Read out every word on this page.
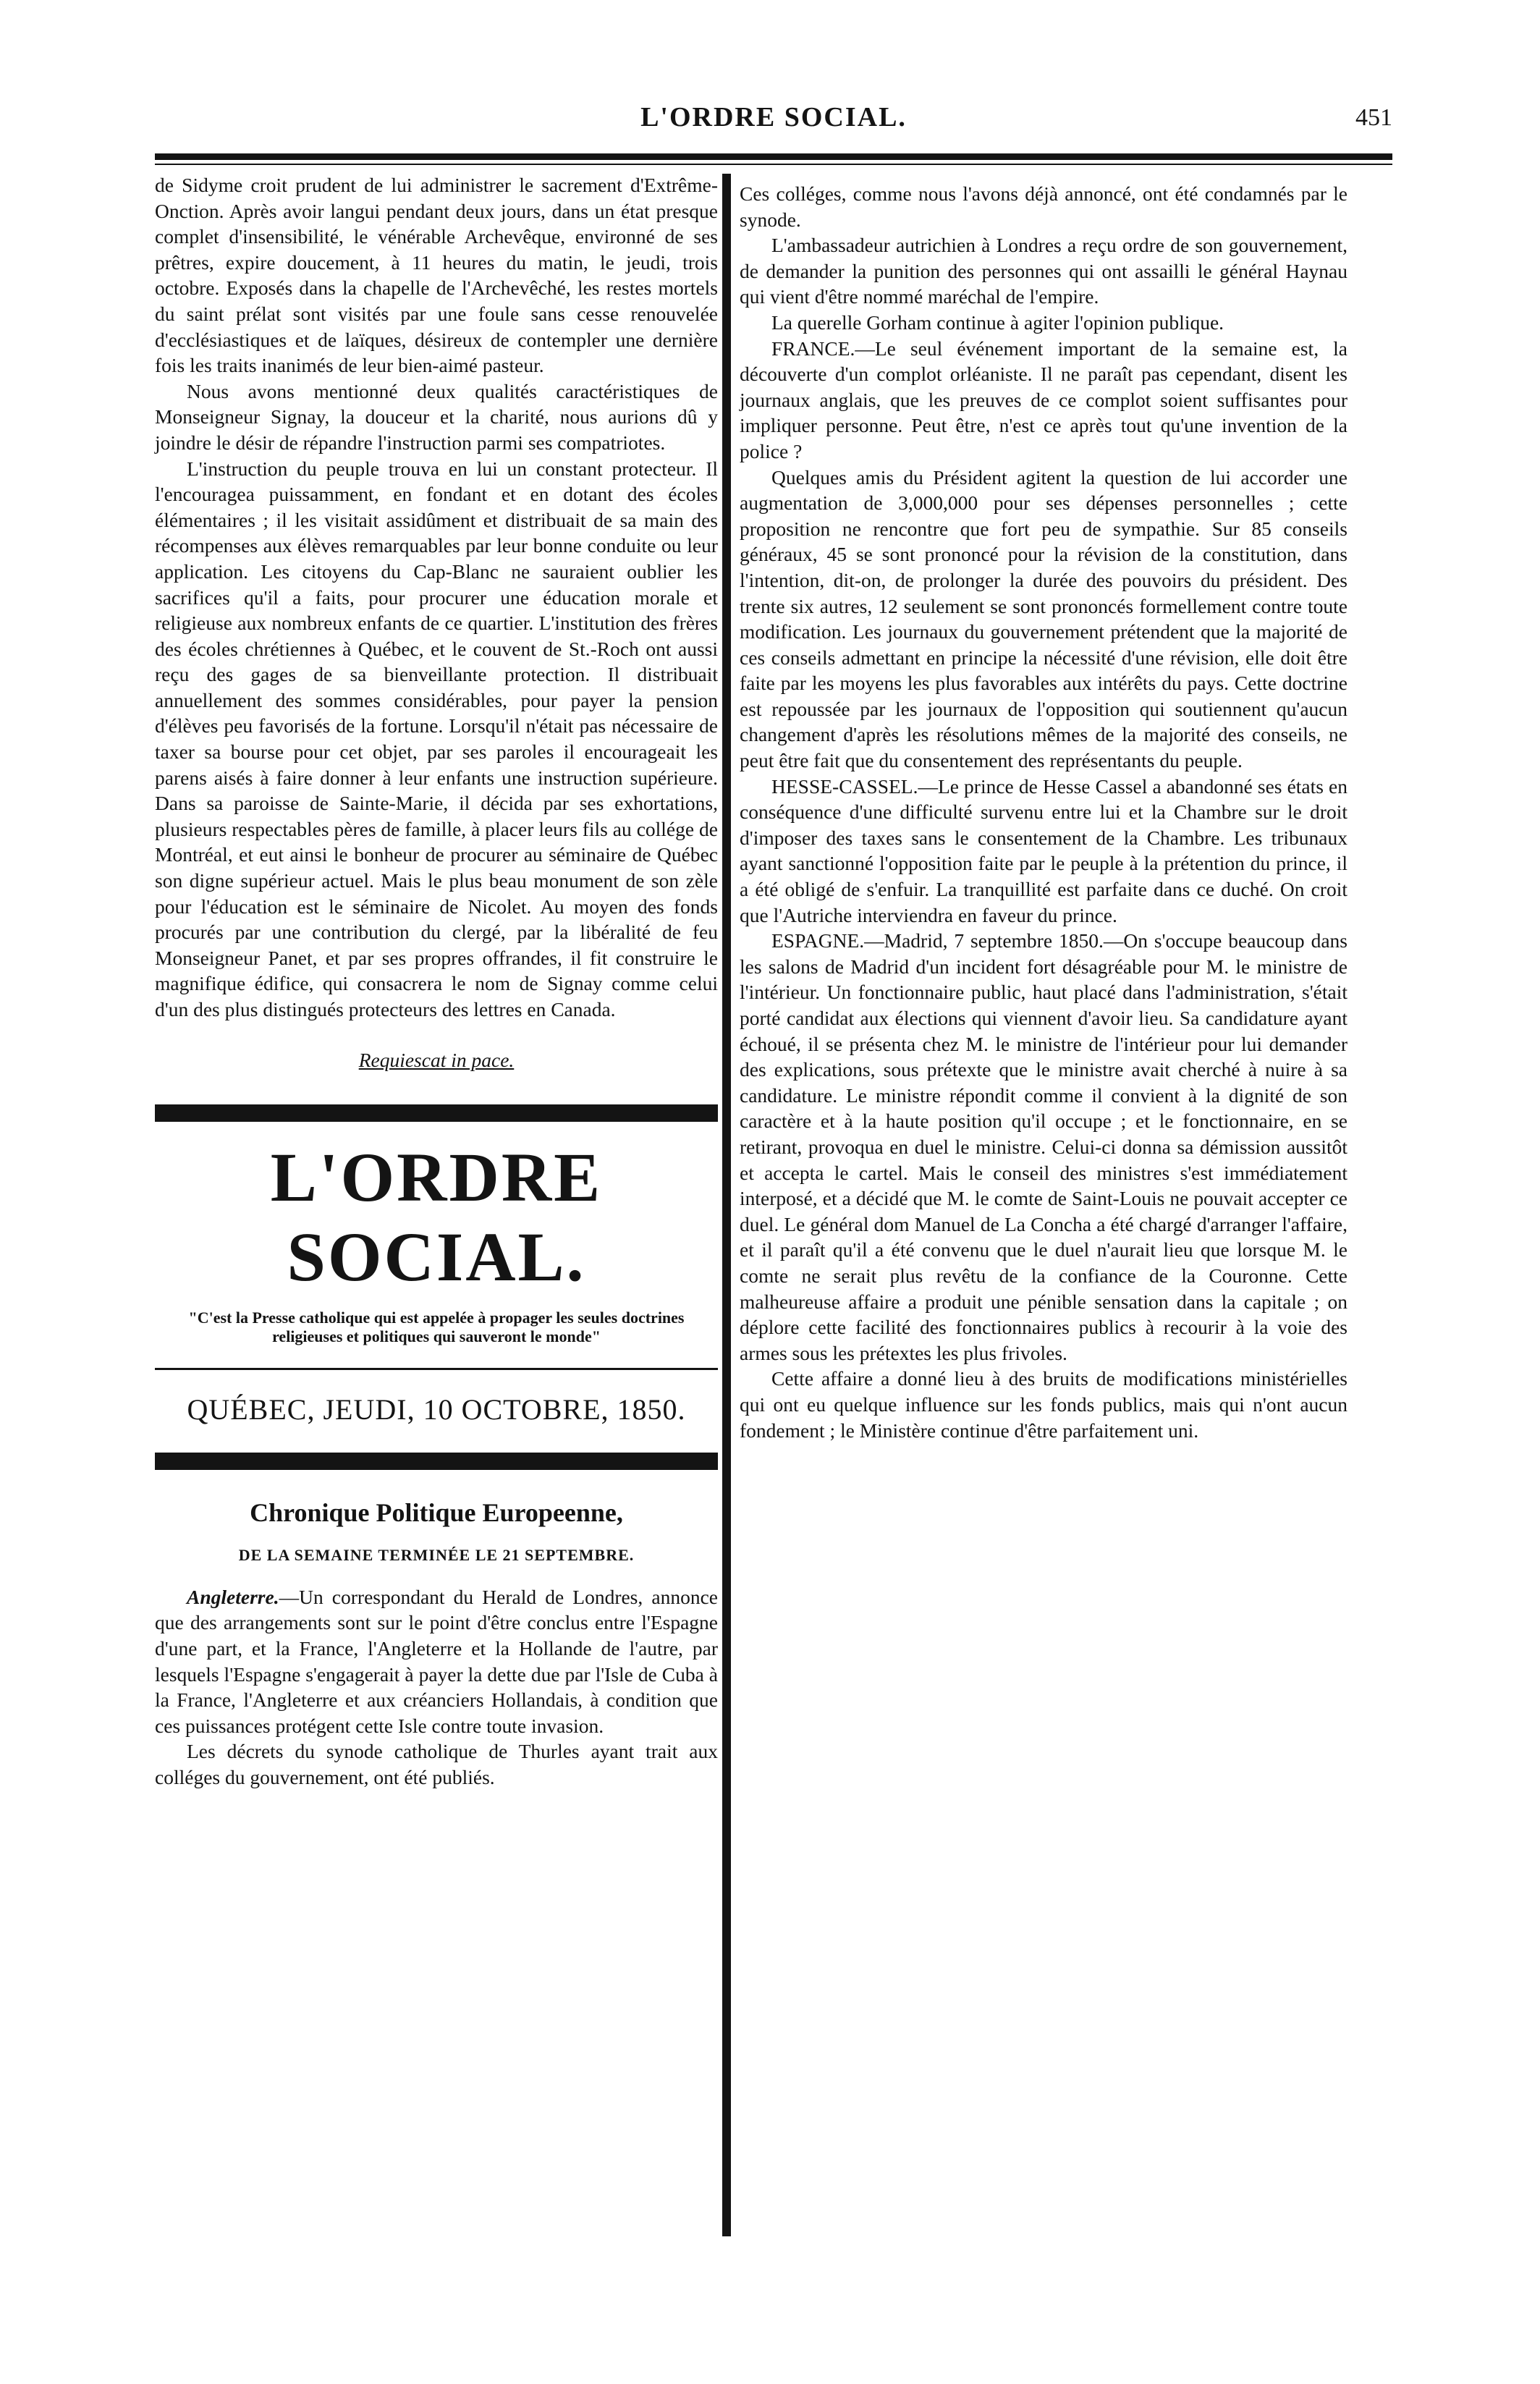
L'ORDRE SOCIAL.	451

de Sidyme croit prudent de lui administrer le sacrement d'Extrême-Onction. Après avoir langui pendant deux jours, dans un état presque complet d'insensibilité, le vénérable Archevêque, environné de ses prêtres, expire doucement, à 11 heures du matin, le jeudi, trois octobre. Exposés dans la chapelle de l'Archevêché, les restes mortels du saint prélat sont visités par une foule sans cesse renouvelée d'ecclésiastiques et de laïques, désireux de contempler une dernière fois les traits inanimés de leur bien-aimé pasteur.

Nous avons mentionné deux qualités caractéristiques de Monseigneur Signay, la douceur et la charité, nous aurions dû y joindre le désir de répandre l'instruction parmi ses compatriotes.

L'instruction du peuple trouva en lui un constant protecteur. Il l'encouragea puissamment, en fondant et en dotant des écoles élémentaires ; il les visitait assidûment et distribuait de sa main des récompenses aux élèves remarquables par leur bonne conduite ou leur application. Les citoyens du Cap-Blanc ne sauraient oublier les sacrifices qu'il a faits, pour procurer une éducation morale et religieuse aux nombreux enfants de ce quartier. L'institution des frères des écoles chrétiennes à Québec, et le couvent de St.-Roch ont aussi reçu des gages de sa bienveillante protection. Il distribuait annuellement des sommes considérables, pour payer la pension d'élèves peu favorisés de la fortune. Lorsqu'il n'était pas nécessaire de taxer sa bourse pour cet objet, par ses paroles il encourageait les parens aisés à faire donner à leur enfants une instruction supérieure. Dans sa paroisse de Sainte-Marie, il décida par ses exhortations, plusieurs respectables pères de famille, à placer leurs fils au collége de Montréal, et eut ainsi le bonheur de procurer au séminaire de Québec son digne supérieur actuel. Mais le plus beau monument de son zèle pour l'éducation est le séminaire de Nicolet. Au moyen des fonds procurés par une contribution du clergé, par la libéralité de feu Monseigneur Panet, et par ses propres offrandes, il fit construire le magnifique édifice, qui consacrera le nom de Signay comme celui d'un des plus distingués protecteurs des lettres en Canada.

Requiescat in pace.

L'ORDRE SOCIAL.
"C'est la Presse catholique qui est appelée à propager les seules doctrines religieuses et politiques qui sauveront le monde"
QUÉBEC, JEUDI, 10 OCTOBRE, 1850.
Chronique Politique Europeenne,
DE LA SEMAINE TERMINÉE LE 21 SEPTEMBRE.

Angleterre.—Un correspondant du Herald de Londres, annonce que des arrangements sont sur le point d'être conclus entre l'Espagne d'une part, et la France, l'Angleterre et la Hollande de l'autre, par lesquels l'Espagne s'engagerait à payer la dette due par l'Isle de Cuba à la France, l'Angleterre et aux créanciers Hollandais, à condition que ces puissances protégent cette Isle contre toute invasion.

Les décrets du synode catholique de Thurles ayant trait aux colléges du gouvernement, ont été publiés.

Ces colléges, comme nous l'avons déjà annoncé, ont été condamnés par le synode.

L'ambassadeur autrichien à Londres a reçu ordre de son gouvernement, de demander la punition des personnes qui ont assailli le général Haynau qui vient d'être nommé maréchal de l'empire.

La querelle Gorham continue à agiter l'opinion publique.

FRANCE.—Le seul événement important de la semaine est, la découverte d'un complot orléaniste. Il ne paraît pas cependant, disent les journaux anglais, que les preuves de ce complot soient suffisantes pour impliquer personne. Peut être, n'est ce après tout qu'une invention de la police ?

Quelques amis du Président agitent la question de lui accorder une augmentation de 3,000,000 pour ses dépenses personnelles ; cette proposition ne rencontre que fort peu de sympathie. Sur 85 conseils généraux, 45 se sont prononcé pour la révision de la constitution, dans l'intention, dit-on, de prolonger la durée des pouvoirs du président. Des trente six autres, 12 seulement se sont prononcés formellement contre toute modification. Les journaux du gouvernement prétendent que la majorité de ces conseils admettant en principe la nécessité d'une révision, elle doit être faite par les moyens les plus favorables aux intérêts du pays. Cette doctrine est repoussée par les journaux de l'opposition qui soutiennent qu'aucun changement d'après les résolutions mêmes de la majorité des conseils, ne peut être fait que du consentement des représentants du peuple.

HESSE-CASSEL.—Le prince de Hesse Cassel a abandonné ses états en conséquence d'une difficulté survenu entre lui et la Chambre sur le droit d'imposer des taxes sans le consentement de la Chambre. Les tribunaux ayant sanctionné l'opposition faite par le peuple à la prétention du prince, il a été obligé de s'enfuir. La tranquillité est parfaite dans ce duché. On croit que l'Autriche interviendra en faveur du prince.

ESPAGNE.—Madrid, 7 septembre 1850.—On s'occupe beaucoup dans les salons de Madrid d'un incident fort désagréable pour M. le ministre de l'intérieur. Un fonctionnaire public, haut placé dans l'administration, s'était porté candidat aux élections qui viennent d'avoir lieu. Sa candidature ayant échoué, il se présenta chez M. le ministre de l'intérieur pour lui demander des explications, sous prétexte que le ministre avait cherché à nuire à sa candidature. Le ministre répondit comme il convient à la dignité de son caractère et à la haute position qu'il occupe ; et le fonctionnaire, en se retirant, provoqua en duel le ministre. Celui-ci donna sa démission aussitôt et accepta le cartel. Mais le conseil des ministres s'est immédiatement interposé, et a décidé que M. le comte de Saint-Louis ne pouvait accepter ce duel. Le général dom Manuel de La Concha a été chargé d'arranger l'affaire, et il paraît qu'il a été convenu que le duel n'aurait lieu que lorsque M. le comte ne serait plus revêtu de la confiance de la Couronne. Cette malheureuse affaire a produit une pénible sensation dans la capitale ; on déplore cette facilité des fonctionnaires publics à recourir à la voie des armes sous les prétextes les plus frivoles.

Cette affaire a donné lieu à des bruits de modifications ministérielles qui ont eu quelque influence sur les fonds publics, mais qui n'ont aucun fondement ; le Ministère continue d'être parfaitement uni.
